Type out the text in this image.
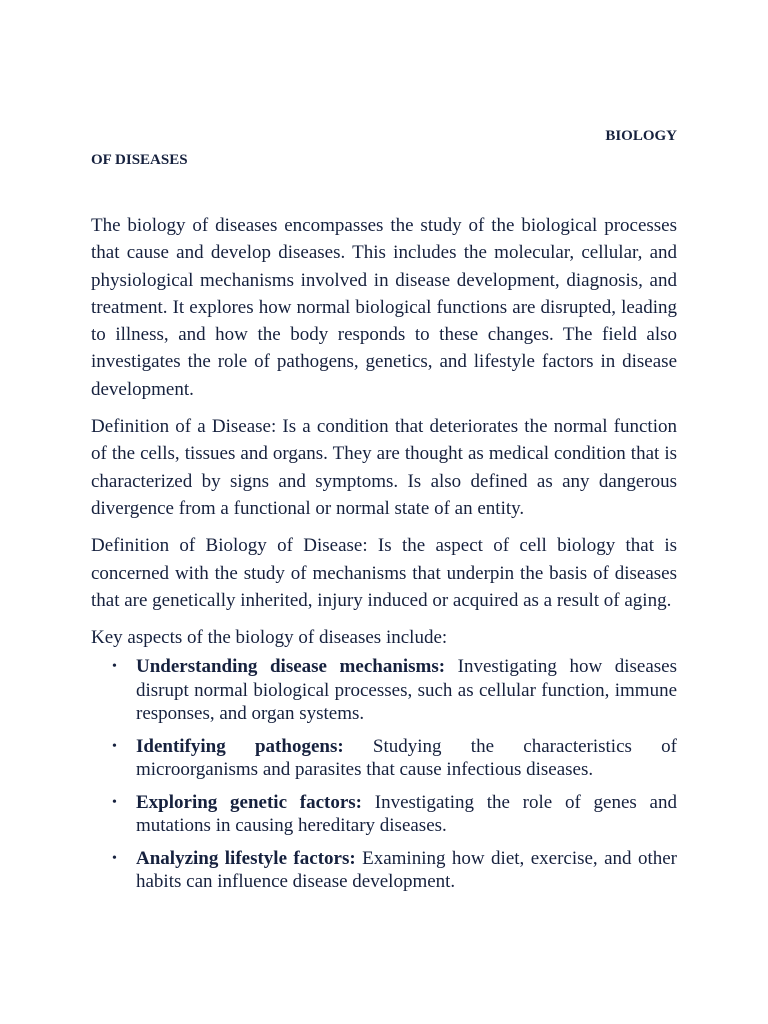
BIOLOGY
OF DISEASES

The biology of diseases encompasses the study of the biological processes that cause and develop diseases. This includes the molecular, cellular, and physiological mechanisms involved in disease development, diagnosis, and treatment. It explores how normal biological functions are disrupted, leading to illness, and how the body responds to these changes. The field also investigates the role of pathogens, genetics, and lifestyle factors in disease development.

Definition of a Disease: Is a condition that deteriorates the normal function of the cells, tissues and organs. They are thought as medical condition that is characterized by signs and symptoms. Is also defined as any dangerous divergence from a functional or normal state of an entity.

Definition of Biology of Disease: Is the aspect of cell biology that is concerned with the study of mechanisms that underpin the basis of diseases that are genetically inherited, injury induced or acquired as a result of aging.

Key aspects of the biology of diseases include:

• Understanding disease mechanisms: Investigating how diseases disrupt normal biological processes, such as cellular function, immune responses, and organ systems.
• Identifying pathogens: Studying the characteristics of microorganisms and parasites that cause infectious diseases.
• Exploring genetic factors: Investigating the role of genes and mutations in causing hereditary diseases.
• Analyzing lifestyle factors: Examining how diet, exercise, and other habits can influence disease development.
